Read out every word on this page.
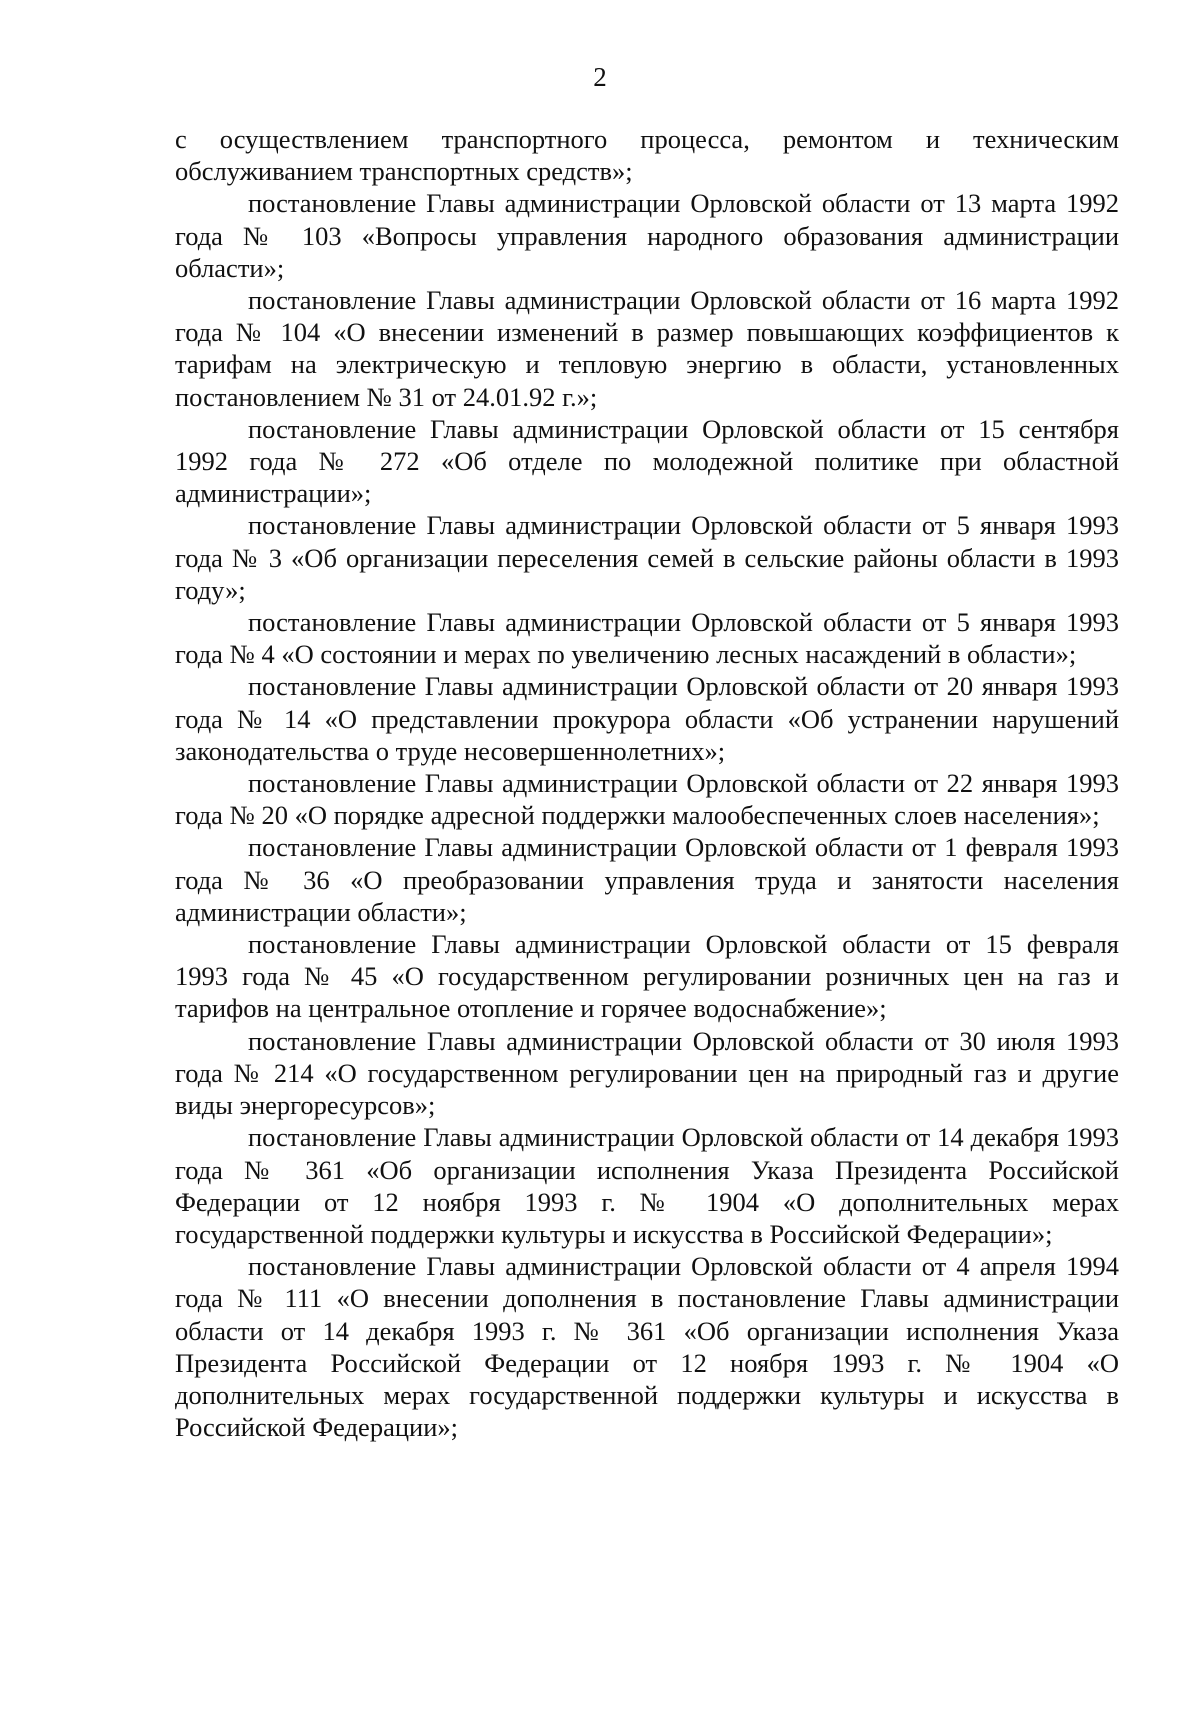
2

с осуществлением транспортного процесса, ремонтом и техническим обслуживанием транспортных средств»;

постановление Главы администрации Орловской области от 13 марта 1992 года № 103 «Вопросы управления народного образования администрации области»;

постановление Главы администрации Орловской области от 16 марта 1992 года № 104 «О внесении изменений в размер повышающих коэффициентов к тарифам на электрическую и тепловую энергию в области, установленных постановлением № 31 от 24.01.92 г.»;

постановление Главы администрации Орловской области от 15 сентября 1992 года № 272 «Об отделе по молодежной политике при областной администрации»;

постановление Главы администрации Орловской области от 5 января 1993 года № 3 «Об организации переселения семей в сельские районы области в 1993 году»;

постановление Главы администрации Орловской области от 5 января 1993 года № 4 «О состоянии и мерах по увеличению лесных насаждений в области»;

постановление Главы администрации Орловской области от 20 января 1993 года № 14 «О представлении прокурора области «Об устранении нарушений законодательства о труде несовершеннолетних»;

постановление Главы администрации Орловской области от 22 января 1993 года № 20 «О порядке адресной поддержки малообеспеченных слоев населения»;

постановление Главы администрации Орловской области от 1 февраля 1993 года № 36 «О преобразовании управления труда и занятости населения администрации области»;

постановление Главы администрации Орловской области от 15 февраля 1993 года № 45 «О государственном регулировании розничных цен на газ и тарифов на центральное отопление и горячее водоснабжение»;

постановление Главы администрации Орловской области от 30 июля 1993 года № 214 «О государственном регулировании цен на природный газ и другие виды энергоресурсов»;

постановление Главы администрации Орловской области от 14 декабря 1993 года № 361 «Об организации исполнения Указа Президента Российской Федерации от 12 ноября 1993 г. № 1904 «О дополнительных мерах государственной поддержки культуры и искусства в Российской Федерации»;

постановление Главы администрации Орловской области от 4 апреля 1994 года № 111 «О внесении дополнения в постановление Главы администрации области от 14 декабря 1993 г. № 361 «Об организации исполнения Указа Президента Российской Федерации от 12 ноября 1993 г. № 1904 «О дополнительных мерах государственной поддержки культуры и искусства в Российской Федерации»;
